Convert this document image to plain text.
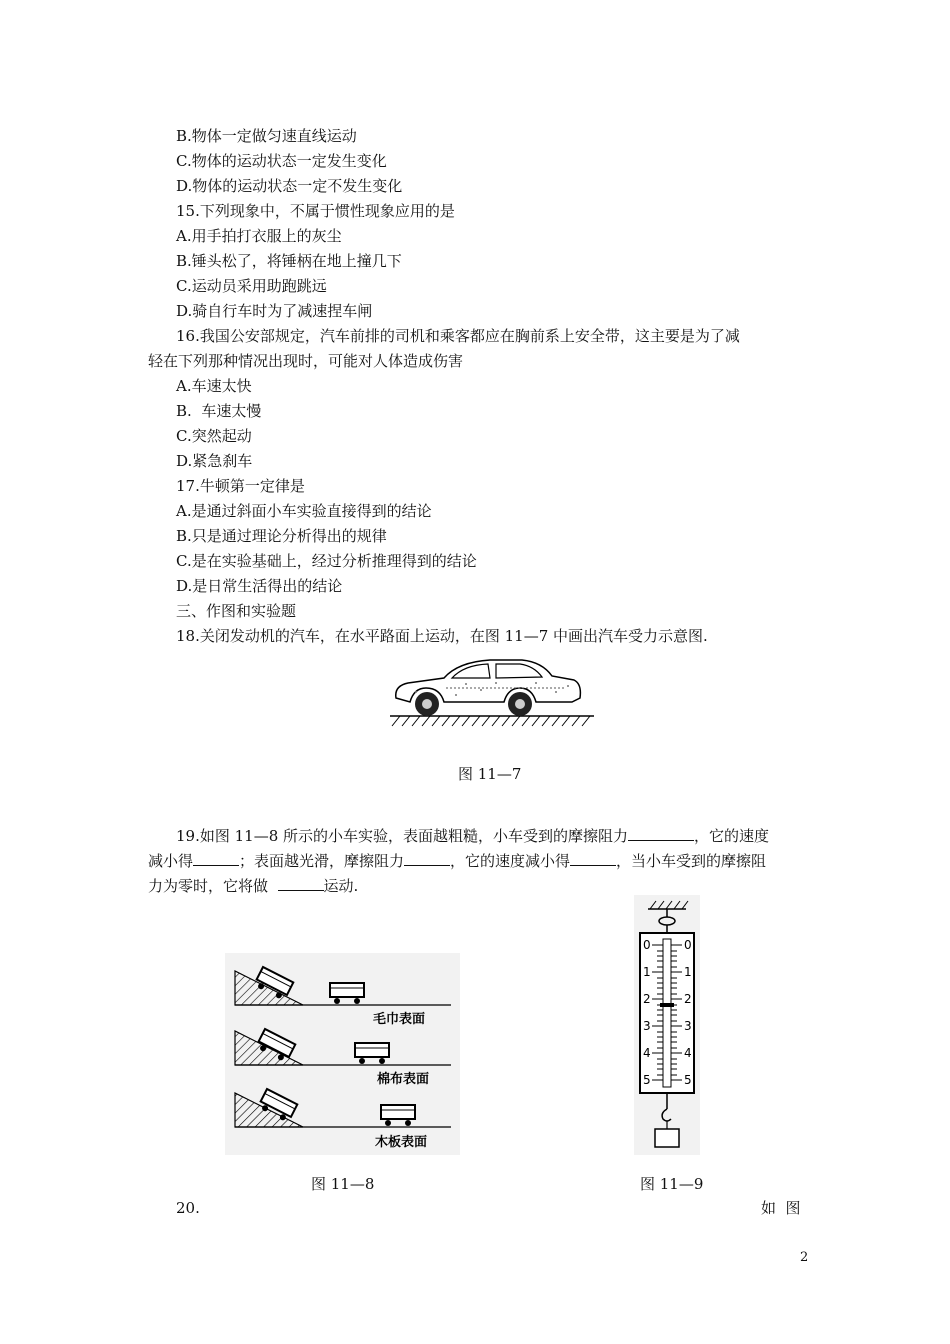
B.物体一定做匀速直线运动
C.物体的运动状态一定发生变化
D.物体的运动状态一定不发生变化
15.下列现象中，不属于惯性现象应用的是
A.用手拍打衣服上的灰尘
B.锤头松了，将锤柄在地上撞几下
C.运动员采用助跑跳远
D.骑自行车时为了减速捏车闸
16.我国公安部规定，汽车前排的司机和乘客都应在胸前系上安全带，这主要是为了减
轻在下列那种情况出现时，可能对人体造成伤害
A.车速太快
B.  车速太慢
C.突然起动
D.紧急刹车
17.牛顿第一定律是
A.是通过斜面小车实验直接得到的结论
B.只是通过理论分析得出的规律
C.是在实验基础上，经过分析推理得到的结论
D.是日常生活得出的结论
三、作图和实验题
18.关闭发动机的汽车，在水平路面上运动，在图 11—7 中画出汽车受力示意图.
图 11—7
19.如图 11—8 所示的小车实验，表面越粗糙，小车受到的摩擦阻力	，它的速度
减小得	；表面越光滑，摩擦阻力	，它的速度减小得	，当小车受到的摩擦阻
力为零时，它将做	运动.
毛巾表面
棉布表面
木板表面
0
1
2
3
4
5
0
1
2
3
4
5
图 11—8	图 11—9
20.	如  图
2
